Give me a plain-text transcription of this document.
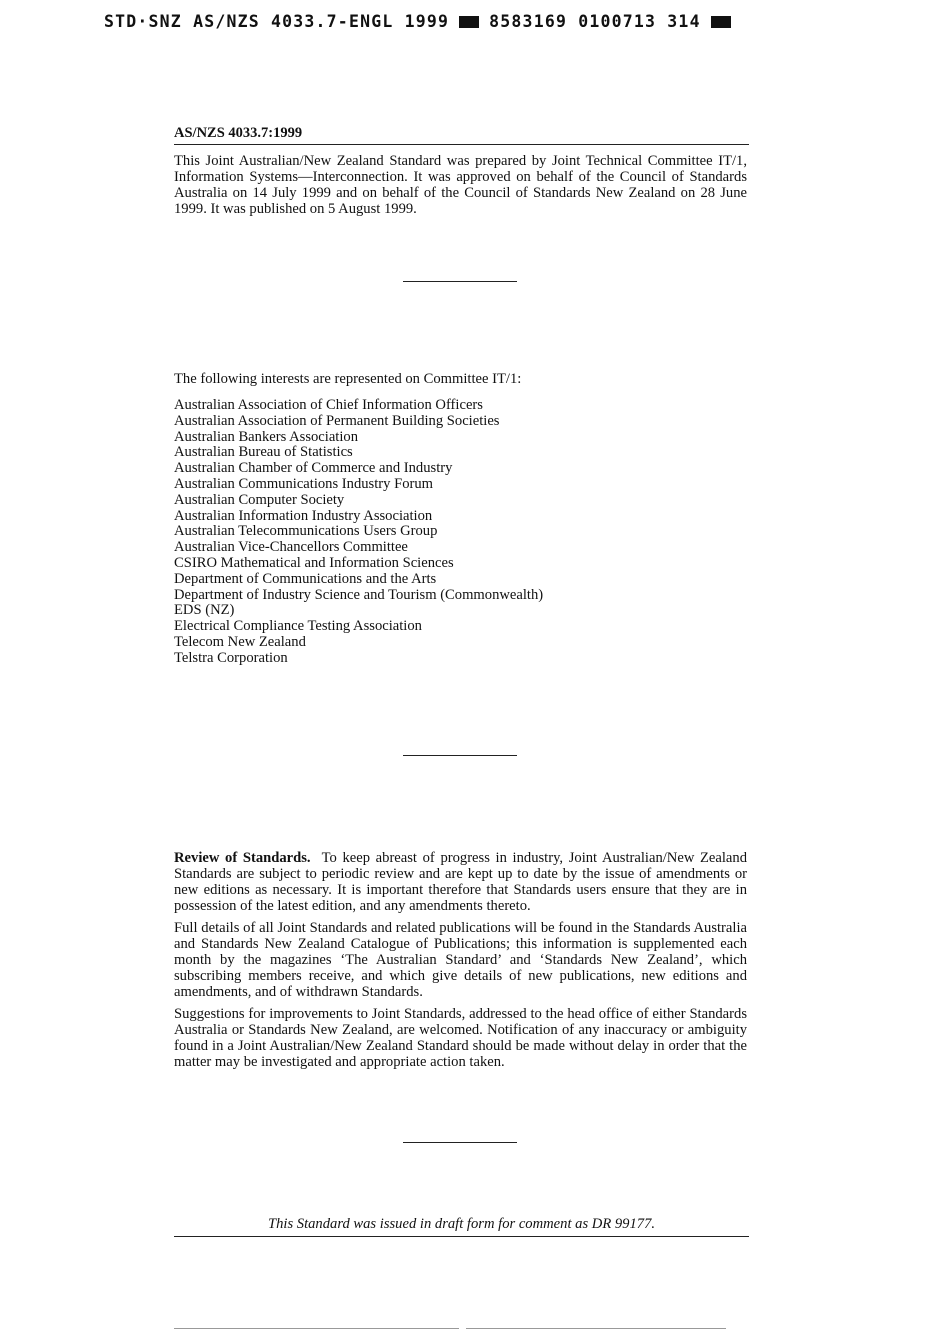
STD·SNZ AS/NZS 4033.7-ENGL 1999 8583169 0100713 314
AS/NZS 4033.7:1999

This Joint Australian/New Zealand Standard was prepared by Joint Technical Committee IT/1, Information Systems—Interconnection. It was approved on behalf of the Council of Standards Australia on 14 July 1999 and on behalf of the Council of Standards New Zealand on 28 June 1999. It was published on 5 August 1999.

The following interests are represented on Committee IT/1:
Australian Association of Chief Information Officers
Australian Association of Permanent Building Societies
Australian Bankers Association
Australian Bureau of Statistics
Australian Chamber of Commerce and Industry
Australian Communications Industry Forum
Australian Computer Society
Australian Information Industry Association
Australian Telecommunications Users Group
Australian Vice-Chancellors Committee
CSIRO Mathematical and Information Sciences
Department of Communications and the Arts
Department of Industry Science and Tourism (Commonwealth)
EDS (NZ)
Electrical Compliance Testing Association
Telecom New Zealand
Telstra Corporation

Review of Standards. To keep abreast of progress in industry, Joint Australian/New Zealand Standards are subject to periodic review and are kept up to date by the issue of amendments or new editions as necessary. It is important therefore that Standards users ensure that they are in possession of the latest edition, and any amendments thereto.

Full details of all Joint Standards and related publications will be found in the Standards Australia and Standards New Zealand Catalogue of Publications; this information is supplemented each month by the magazines ‘The Australian Standard’ and ‘Standards New Zealand’, which subscribing members receive, and which give details of new publications, new editions and amendments, and of withdrawn Standards.

Suggestions for improvements to Joint Standards, addressed to the head office of either Standards Australia or Standards New Zealand, are welcomed. Notification of any inaccuracy or ambiguity found in a Joint Australian/New Zealand Standard should be made without delay in order that the matter may be investigated and appropriate action taken.

This Standard was issued in draft form for comment as DR 99177.
